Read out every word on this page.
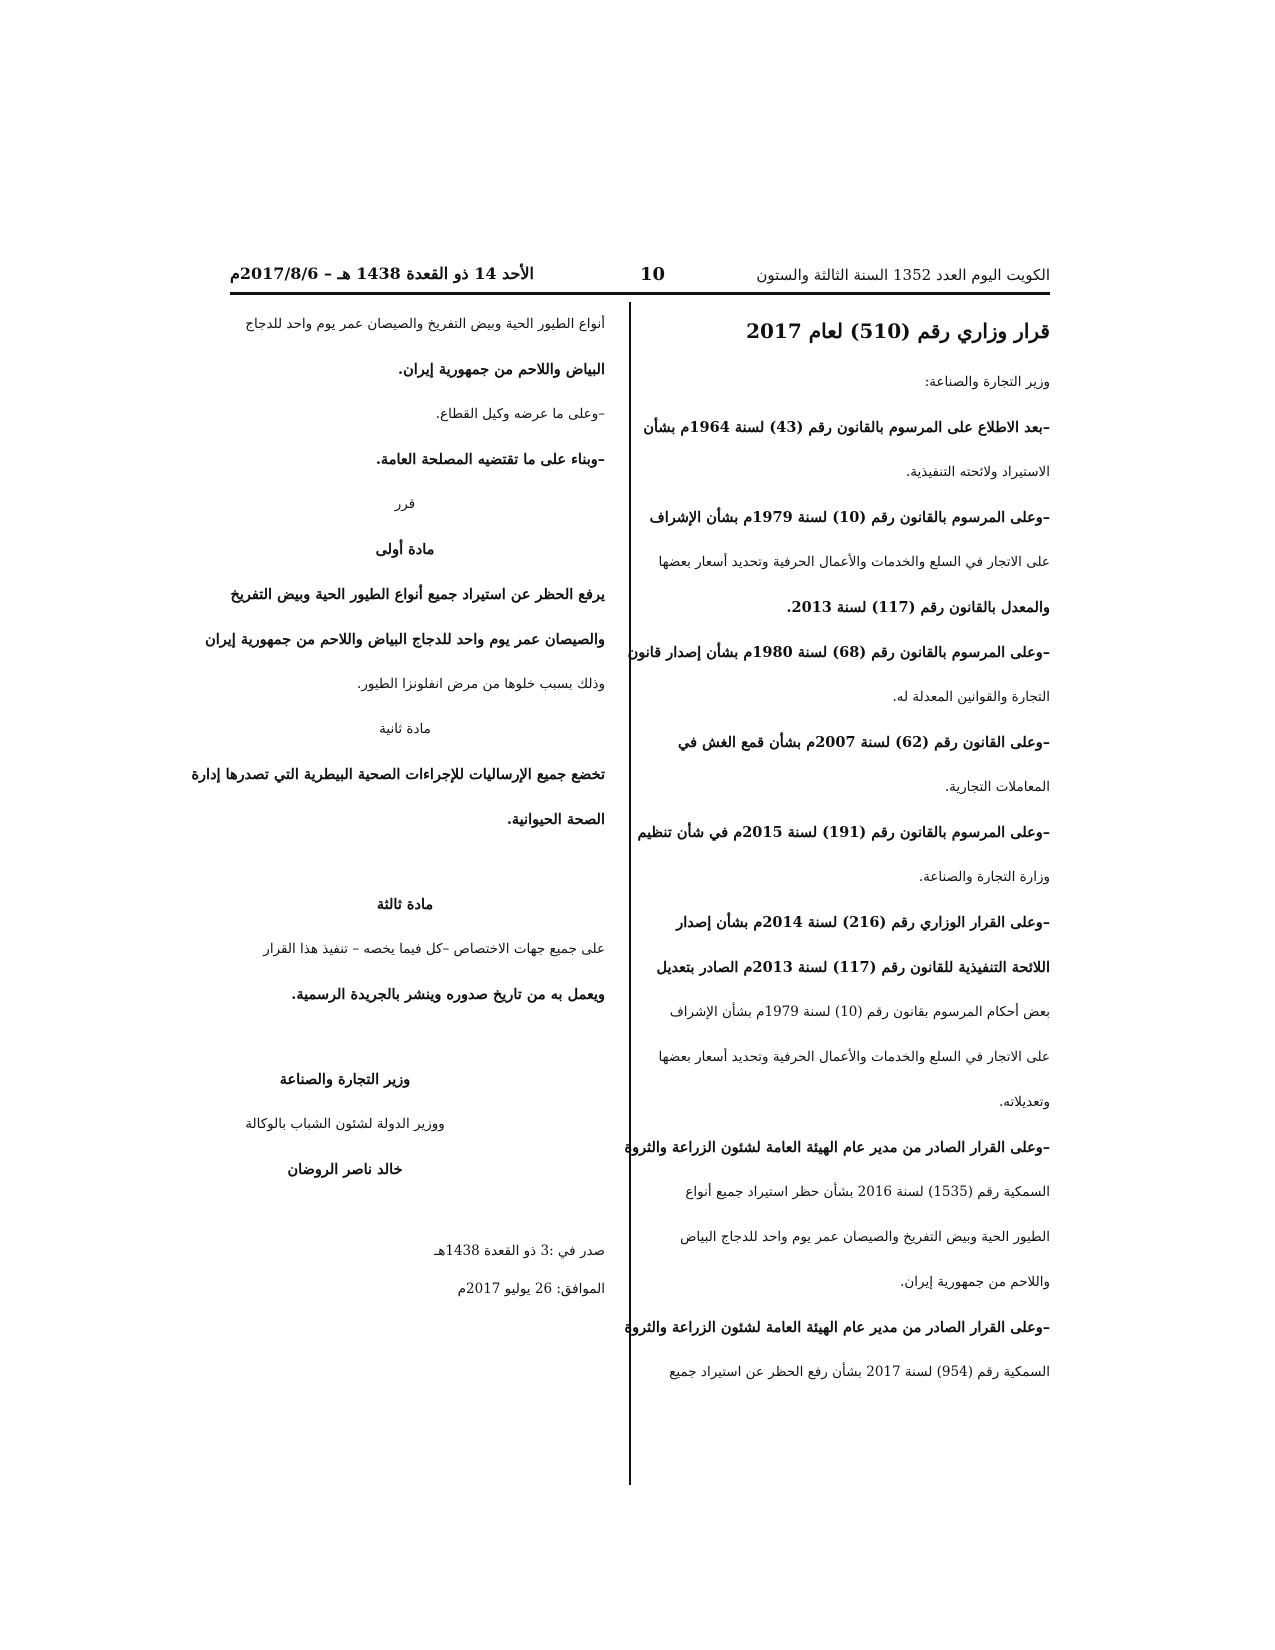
الكويت اليوم العدد 1352 السنة الثالثة والستون
10
الأحد 14 ذو القعدة 1438 هـ – 2017/8/6م
قرار وزاري رقم (510) لعام 2017
وزير التجارة والصناعة:
–بعد الاطلاع على المرسوم بالقانون رقم (43) لسنة 1964م بشأن
الاستيراد ولائحته التنفيذية.
–وعلى المرسوم بالقانون رقم (10) لسنة 1979م بشأن الإشراف
على الاتجار في السلع والخدمات والأعمال الحرفية وتحديد أسعار بعضها
والمعدل بالقانون رقم (117) لسنة 2013.
–وعلى المرسوم بالقانون رقم (68) لسنة 1980م بشأن إصدار قانون
التجارة والقوانين المعدلة له.
–وعلى القانون رقم (62) لسنة 2007م بشأن قمع الغش في
المعاملات التجارية.
–وعلى المرسوم بالقانون رقم (191) لسنة 2015م في شأن تنظيم
وزارة التجارة والصناعة.
–وعلى القرار الوزاري رقم (216) لسنة 2014م بشأن إصدار
اللائحة التنفيذية للقانون رقم (117) لسنة 2013م الصادر بتعديل
بعض أحكام المرسوم بقانون رقم (10) لسنة 1979م بشأن الإشراف
على الاتجار في السلع والخدمات والأعمال الحرفية وتحديد أسعار بعضها
وتعديلاته.
–وعلى القرار الصادر من مدير عام الهيئة العامة لشئون الزراعة والثروة
السمكية رقم (1535) لسنة 2016 بشأن حظر استيراد جميع أنواع
الطيور الحية وبيض التفريخ والصيصان عمر يوم واحد للدجاج البياض
واللاحم من جمهورية إيران.
–وعلى القرار الصادر من مدير عام الهيئة العامة لشئون الزراعة والثروة
السمكية رقم (954) لسنة 2017 بشأن رفع الحظر عن استيراد جميع
أنواع الطيور الحية وبيض التفريخ والصيصان عمر يوم واحد للدجاج
البياض واللاحم من جمهورية إيران.
–وعلى ما عرضه وكيل القطاع.
–وبناء على ما تقتضيه المصلحة العامة.
قرر
مادة أولى
يرفع الحظر عن استيراد جميع أنواع الطيور الحية وبيض التفريخ
والصيصان عمر يوم واحد للدجاج البياض واللاحم من جمهورية إيران
وذلك بسبب خلوها من مرض انفلونزا الطيور.
مادة ثانية
تخضع جميع الإرساليات للإجراءات الصحية البيطرية التي تصدرها إدارة
الصحة الحيوانية.
مادة ثالثة
على جميع جهات الاختصاص –كل فيما يخصه – تنفيذ هذا القرار
ويعمل به من تاريخ صدوره وينشر بالجريدة الرسمية.
وزير التجارة والصناعة
ووزير الدولة لشئون الشباب بالوكالة
خالد ناصر الروضان
صدر في :3 ذو القعدة 1438هـ
الموافق: 26 يوليو 2017م
